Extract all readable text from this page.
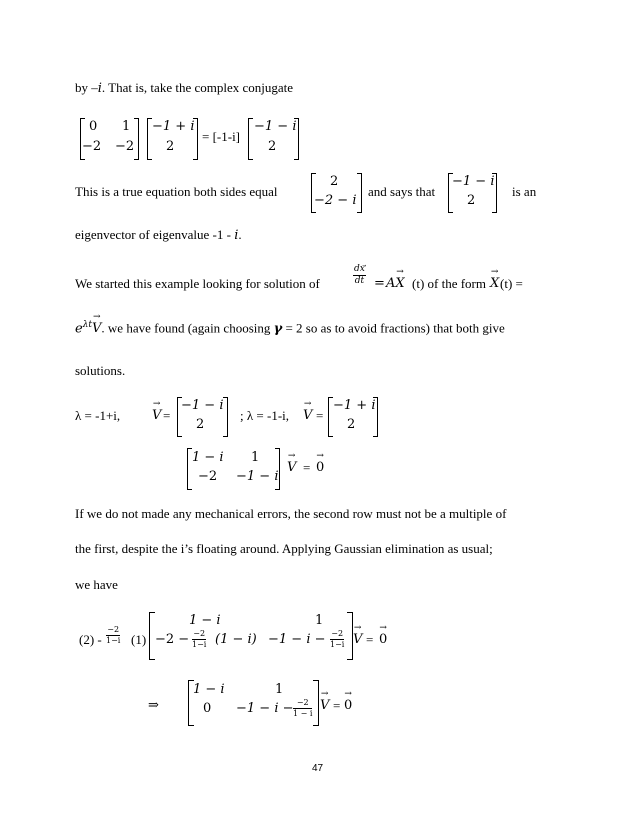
by –i. That is, take the complex conjugate
0 1
−2 −2
−1 + i
2
= [-1-i]
−1 − i
2
This is a true equation both sides equal
2
−2 − i
and says that
−1 − i
2
is an
eigenvector of eigenvalue -1 - i.
We started this example looking for solution of	$\frac{dx}{dt} = A\to X$ (t) of the form
→ X (t) =
$e^{\lambda t}\to V$. we have found (again choosing γ = 2 so as to avoid fractions) that both give
solutions.
λ = -1+i,
→ V =
−1 − i
2
; λ = -1-i,
→ V =
−1 + i
2
1 − i 1
−2 −1 − i
→ V =
→ 0
If we do not made any mechanical errors, the second row must not be a multiple of
the first, despite the i’s floating around. Applying Gaussian elimination as usual;
we have
$(2) - \frac{-2}{1-i} (1)$
1 − i	1
$-2 - \frac{-2}{1-i} (1 - i) -1 - i - \frac{-2}{1-i}$
→ V =
→ 0
⇒
1 − i	1
$0 -1 - i - \frac{-2}{1 - i}$
→ V =
→ 0
47
